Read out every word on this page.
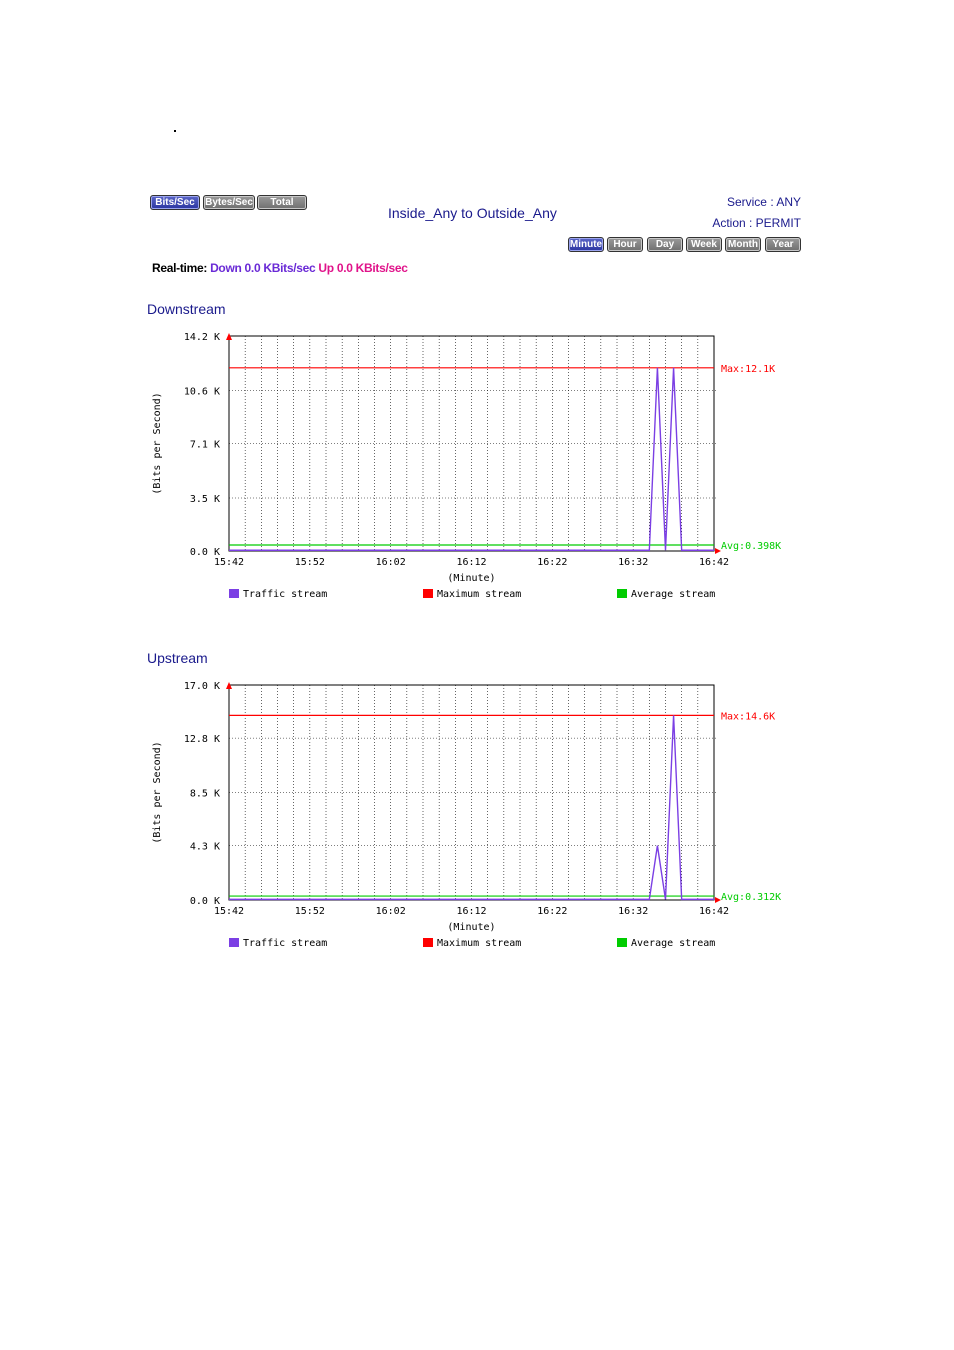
Bits/Sec	Bytes/Sec	Total
Inside_Any to Outside_Any
Service : ANY
Action : PERMIT
Minute	Hour	Day	Week	Month	Year
Real-time: Down 0.0 KBits/sec Up 0.0 KBits/sec
Downstream
Upstream
14.2 K
10.6 K
7.1 K
3.5 K
0.0 K
15:42	15:52	16:02	16:12	16:22	16:32	16:42
Max:12.1K
Avg:0.398K
(Bits per Second)
(Minute)
Traffic stream	Maximum stream	Average stream
17.0 K
12.8 K
8.5 K
4.3 K
0.0 K
15:42	15:52	16:02	16:12	16:22	16:32	16:42
Max:14.6K
Avg:0.312K
(Bits per Second)
(Minute)
Traffic stream	Maximum stream	Average stream
